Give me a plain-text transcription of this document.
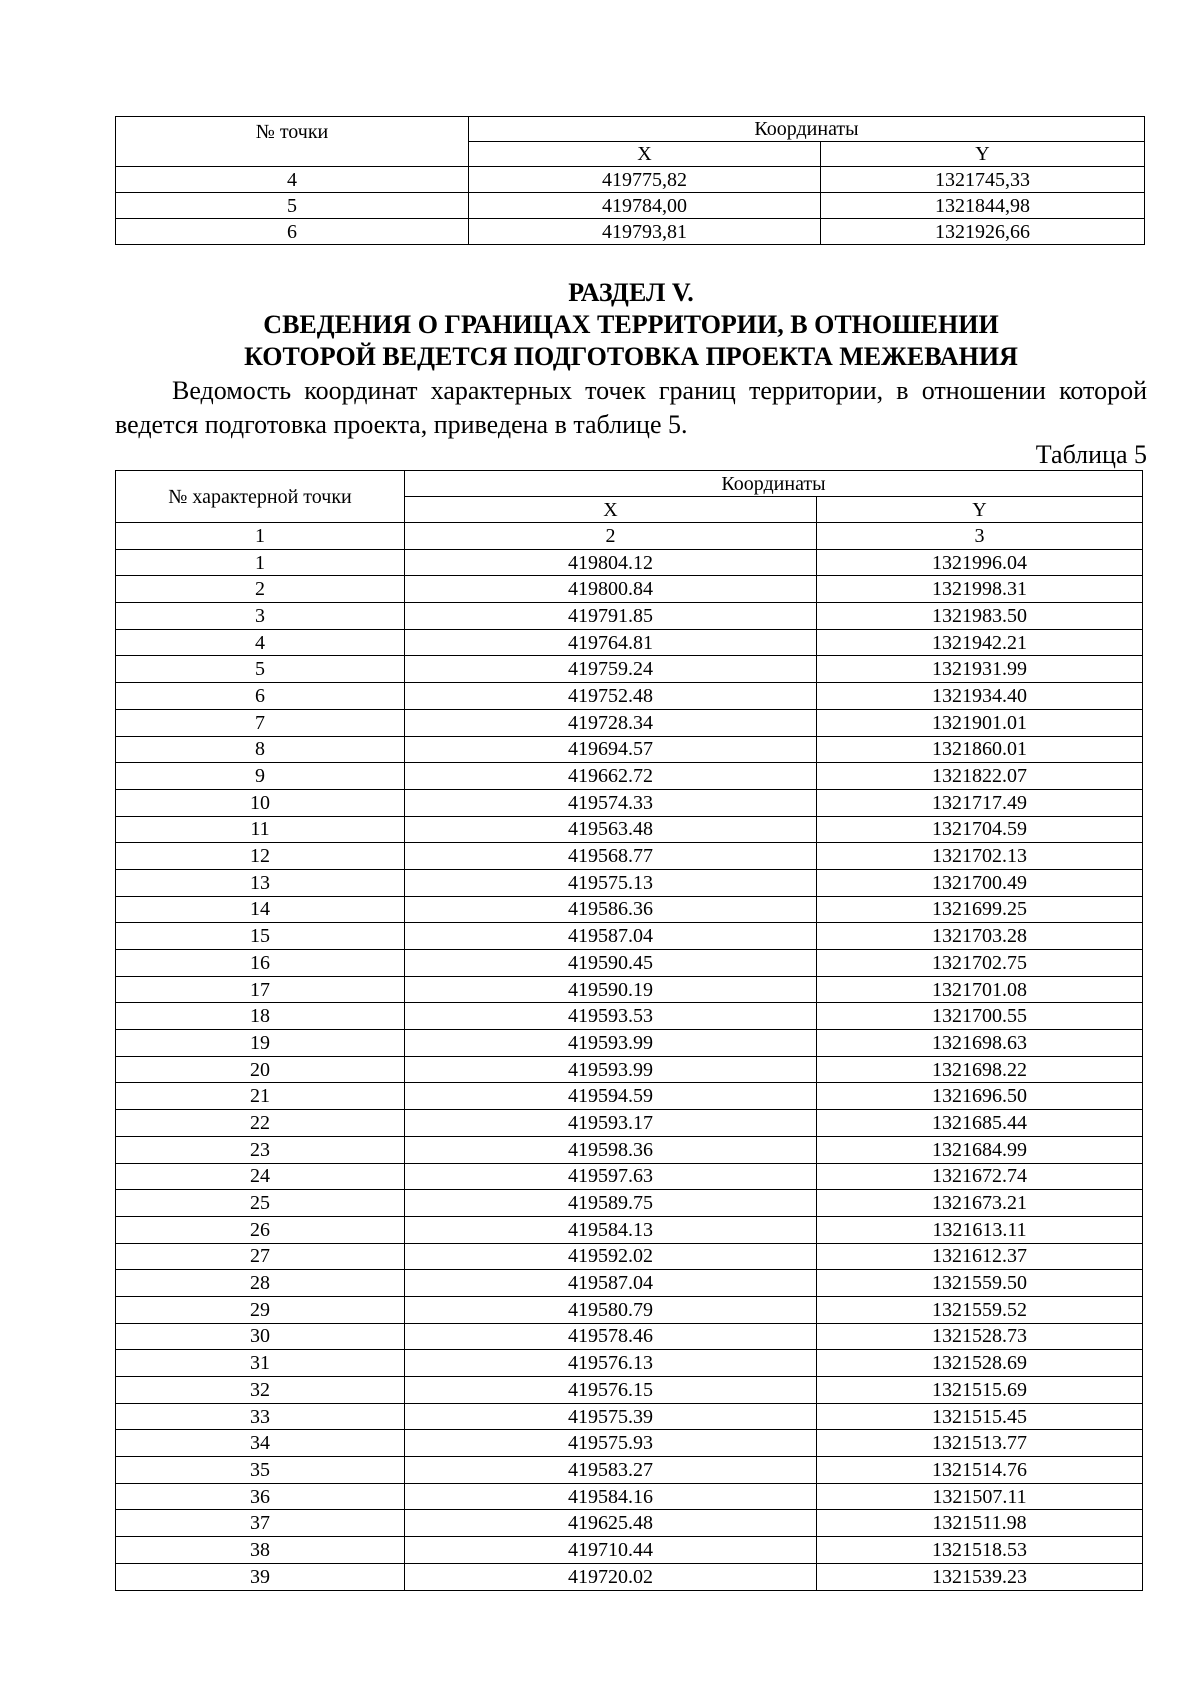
№ точки	Координаты	
	X	Y
4	419775,82	1321745,33
5	419784,00	1321844,98
6	419793,81	1321926,66
РАЗДЕЛ V.
СВЕДЕНИЯ О ГРАНИЦАХ ТЕРРИТОРИИ, В ОТНОШЕНИИ
КОТОРОЙ ВЕДЕТСЯ ПОДГОТОВКА ПРОЕКТА МЕЖЕВАНИЯ
Ведомость координат характерных точек границ территории, в отношении которой ведется подготовка проекта, приведена в таблице 5.
Таблица 5
№ характерной точки	Координаты	
	X	Y
1	2	3
1	419804.12	1321996.04
2	419800.84	1321998.31
3	419791.85	1321983.50
4	419764.81	1321942.21
5	419759.24	1321931.99
6	419752.48	1321934.40
7	419728.34	1321901.01
8	419694.57	1321860.01
9	419662.72	1321822.07
10	419574.33	1321717.49
11	419563.48	1321704.59
12	419568.77	1321702.13
13	419575.13	1321700.49
14	419586.36	1321699.25
15	419587.04	1321703.28
16	419590.45	1321702.75
17	419590.19	1321701.08
18	419593.53	1321700.55
19	419593.99	1321698.63
20	419593.99	1321698.22
21	419594.59	1321696.50
22	419593.17	1321685.44
23	419598.36	1321684.99
24	419597.63	1321672.74
25	419589.75	1321673.21
26	419584.13	1321613.11
27	419592.02	1321612.37
28	419587.04	1321559.50
29	419580.79	1321559.52
30	419578.46	1321528.73
31	419576.13	1321528.69
32	419576.15	1321515.69
33	419575.39	1321515.45
34	419575.93	1321513.77
35	419583.27	1321514.76
36	419584.16	1321507.11
37	419625.48	1321511.98
38	419710.44	1321518.53
39	419720.02	1321539.23
